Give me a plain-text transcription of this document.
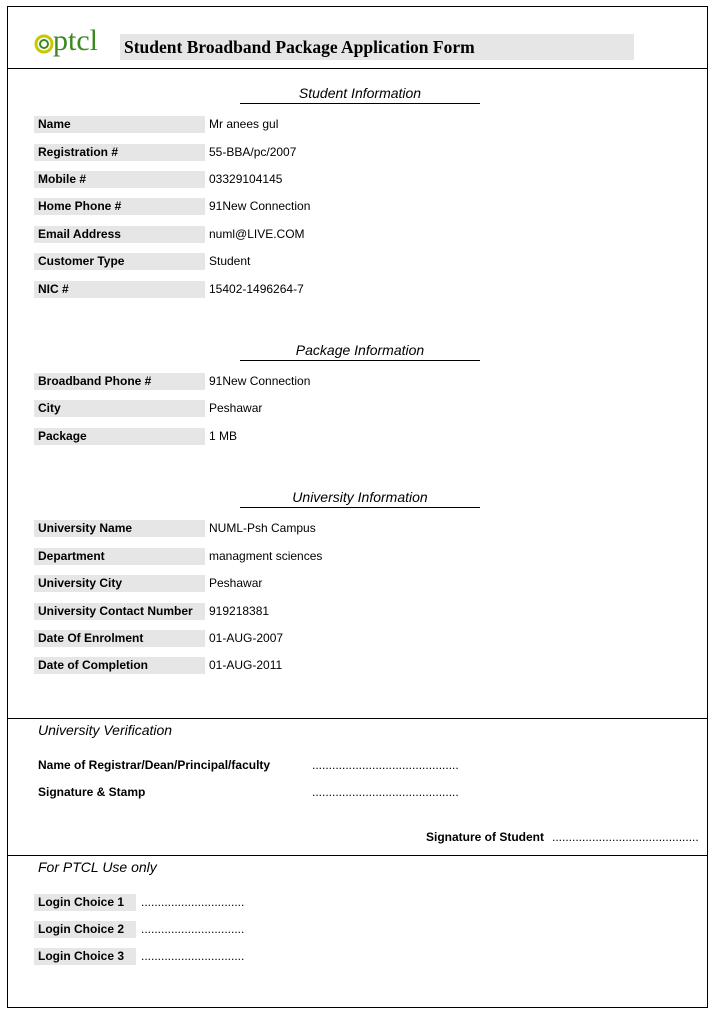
ptcl Student Broadband Package Application Form
Student Information
Name	Mr anees gul
Registration #	55-BBA/pc/2007
Mobile #	03329104145
Home Phone #	91New Connection
Email Address	numl@LIVE.COM
Customer Type	Student
NIC #	15402-1496264-7
Package Information
Broadband Phone #	91New Connection
City	Peshawar
Package	1 MB
University Information
University Name	NUML-Psh Campus
Department	managment sciences
University City	Peshawar
University Contact Number	919218381
Date Of Enrolment	01-AUG-2007
Date of Completion	01-AUG-2011
University Verification
Name of Registrar/Dean/Principal/faculty	............................................
Signature & Stamp	............................................
Signature of Student ............................................
For PTCL Use only
Login Choice 1	...............................
Login Choice 2	...............................
Login Choice 3	...............................
